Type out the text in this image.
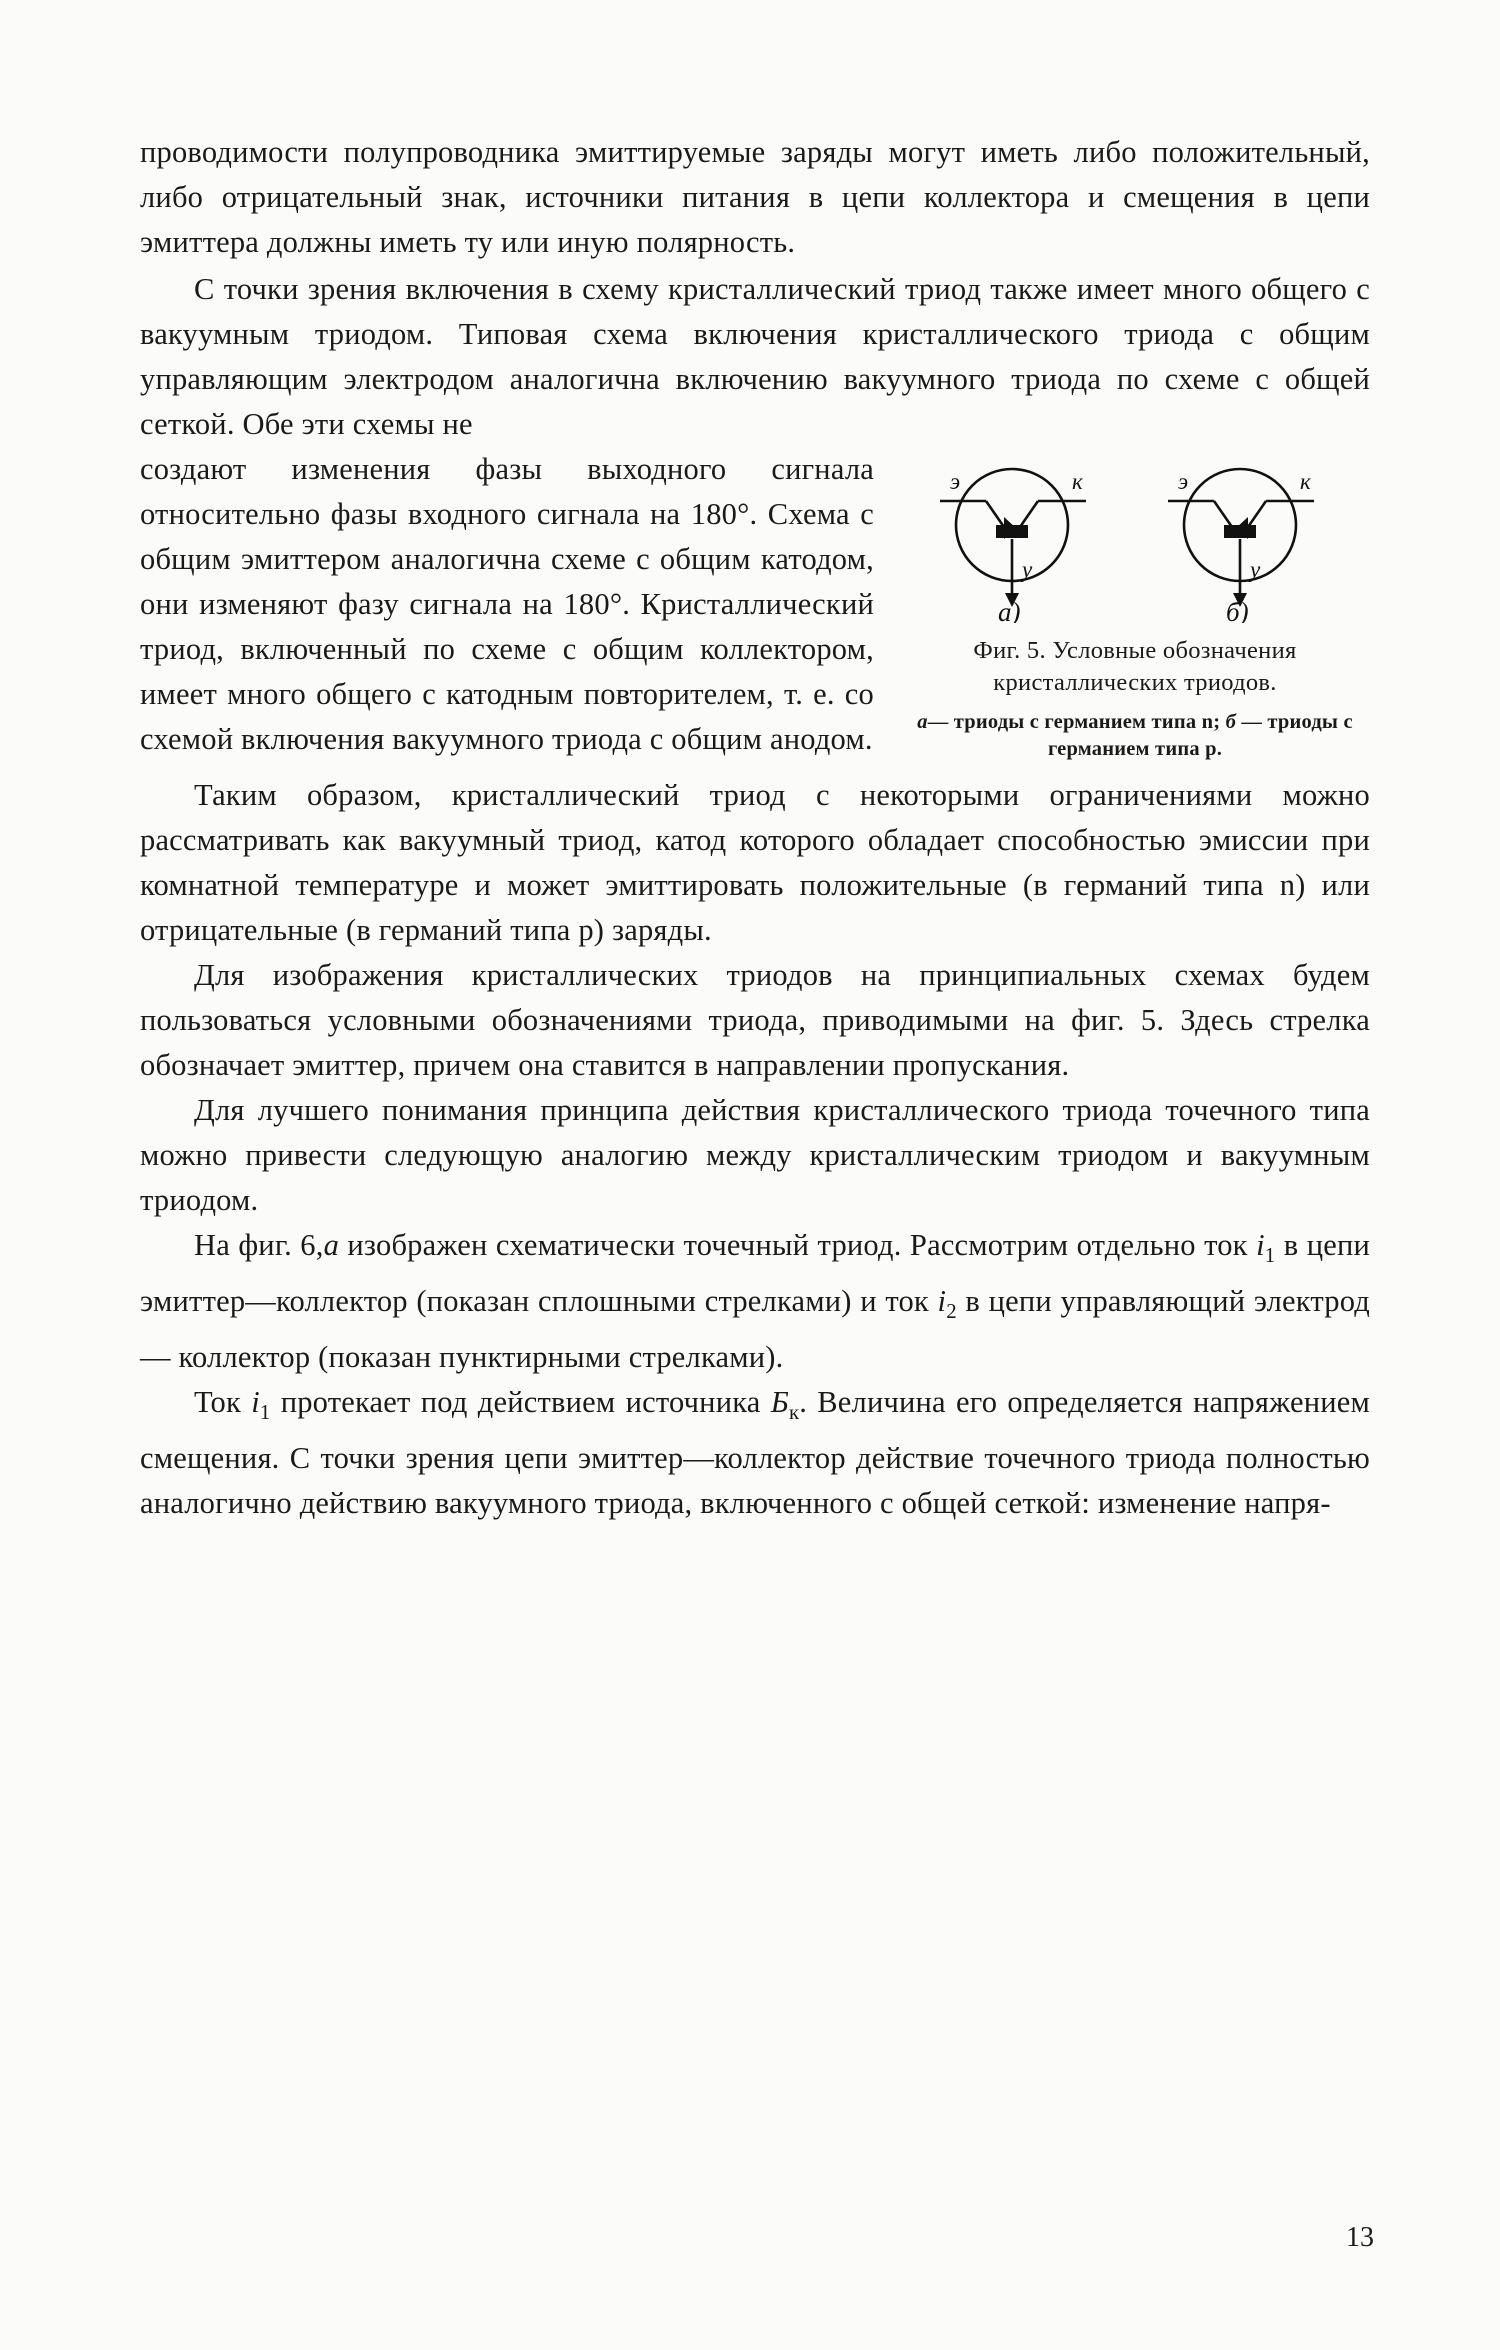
проводимости полупроводника эмиттируемые заряды могут иметь либо положительный, либо отрицательный знак, источники питания в цепи коллектора и смещения в цепи эмиттера должны иметь ту или иную полярность.

С точки зрения включения в схему кристаллический триод также имеет много общего с вакуумным триодом. Типовая схема включения кристаллического триода с общим управляющим электродом аналогична включению вакуумного триода по схеме с общей сеткой. Обе эти схемы не

э	к
у
э	к
у
а)	б)
Фиг. 5. Условные обозначения кристаллических триодов.
а— триоды с германием типа n; б — триоды с германием типа p.

создают изменения фазы выходного сигнала относительно фазы входного сигнала на 180°. Схема с общим эмиттером аналогична схеме с общим катодом, они изменяют фазу сигнала на 180°. Кристаллический триод, включенный по схеме с общим коллектором, имеет много общего с катодным повторителем, т. е. со схемой включения вакуумного триода с общим анодом.

Таким образом, кристаллический триод с некоторыми ограничениями можно рассматривать как вакуумный триод, катод которого обладает способностью эмиссии при комнатной температуре и может эмиттировать положительные (в германий типа n) или отрицательные (в германий типа p) заряды.

Для изображения кристаллических триодов на принципиальных схемах будем пользоваться условными обозначениями триода, приводимыми на фиг. 5. Здесь стрелка обозначает эмиттер, причем она ставится в направлении пропускания.

Для лучшего понимания принципа действия кристаллического триода точечного типа можно привести следующую аналогию между кристаллическим триодом и вакуумным триодом.

На фиг. 6,а изображен схематически точечный триод. Рассмотрим отдельно ток $i_1$ в цепи эмиттер—коллектор (показан сплошными стрелками) и ток $i_2$ в цепи управляющий электрод — коллектор (показан пунктирными стрелками).

Ток $i_1$ протекает под действием источника $Б_к$. Величина его определяется напряжением смещения. С точки зрения цепи эмиттер—коллектор действие точечного триода полностью аналогично действию вакуумного триода, включенного с общей сеткой: изменение напря-

13
